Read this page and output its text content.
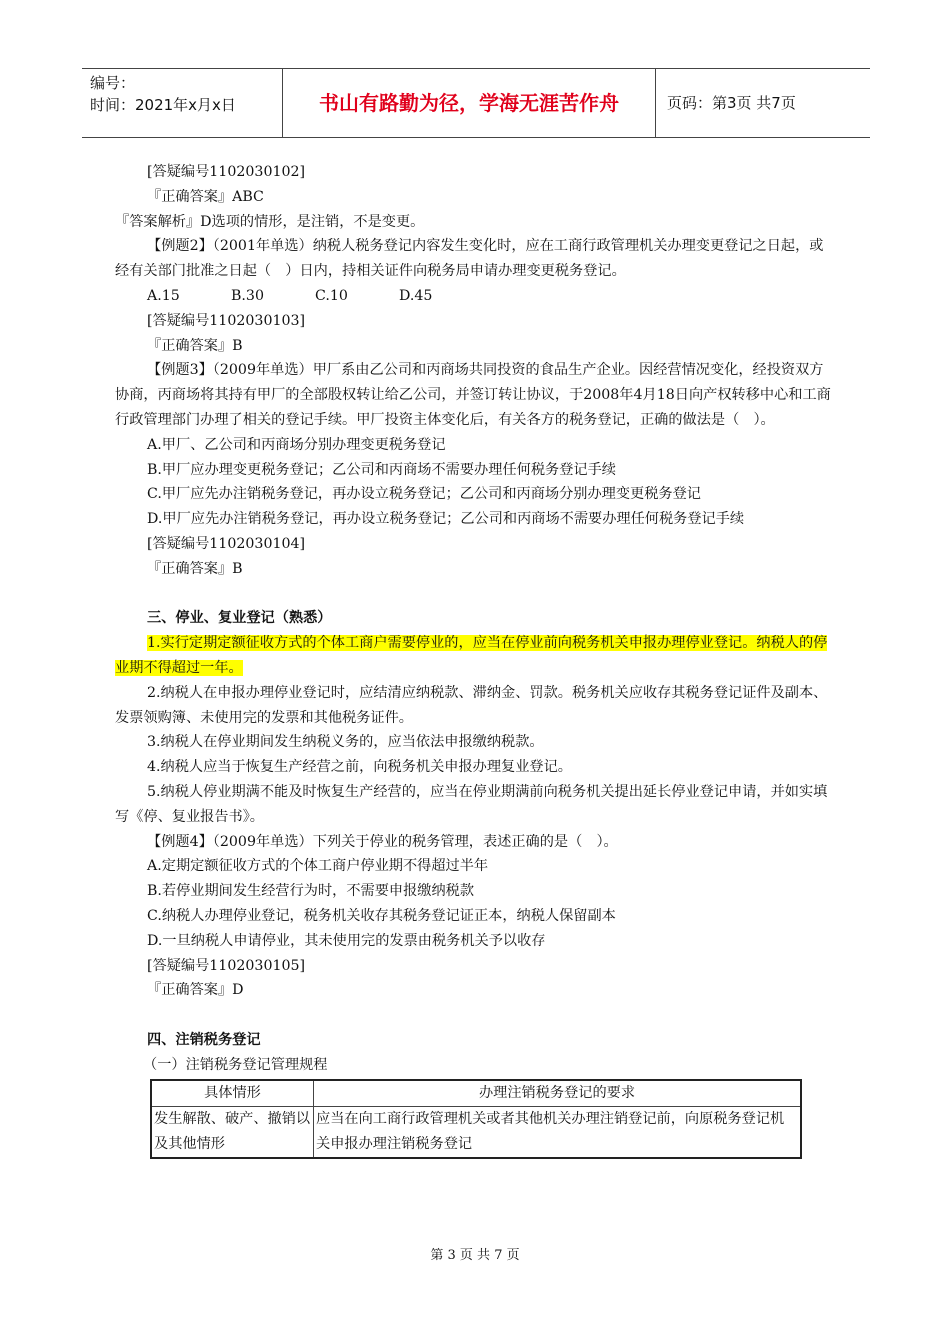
编号：
时间：2021年x月x日	书山有路勤为径，学海无涯苦作舟	页码：第3页 共7页

[答疑编号1102030102]

『正确答案』ABC

『答案解析』D选项的情形，是注销，不是变更。

【例题2】（2001年单选）纳税人税务登记内容发生变化时，应在工商行政管理机关办理变更登记之日起，或经有关部门批准之日起（　）日内，持相关证件向税务局申请办理变更税务登记。

A.15	B.30	C.10	D.45

[答疑编号1102030103]

『正确答案』B

【例题3】（2009年单选）甲厂系由乙公司和丙商场共同投资的食品生产企业。因经营情况变化，经投资双方协商，丙商场将其持有甲厂的全部股权转让给乙公司，并签订转让协议，于2008年4月18日向产权转移中心和工商行政管理部门办理了相关的登记手续。甲厂投资主体变化后，有关各方的税务登记，正确的做法是（　）。

A.甲厂、乙公司和丙商场分别办理变更税务登记

B.甲厂应办理变更税务登记；乙公司和丙商场不需要办理任何税务登记手续

C.甲厂应先办注销税务登记，再办设立税务登记；乙公司和丙商场分别办理变更税务登记

D.甲厂应先办注销税务登记，再办设立税务登记；乙公司和丙商场不需要办理任何税务登记手续

[答疑编号1102030104]

『正确答案』B

三、停业、复业登记（熟悉）

1.实行定期定额征收方式的个体工商户需要停业的，应当在停业前向税务机关申报办理停业登记。纳税人的停业期不得超过一年。

2.纳税人在申报办理停业登记时，应结清应纳税款、滞纳金、罚款。税务机关应收存其税务登记证件及副本、发票领购簿、未使用完的发票和其他税务证件。

3.纳税人在停业期间发生纳税义务的，应当依法申报缴纳税款。

4.纳税人应当于恢复生产经营之前，向税务机关申报办理复业登记。

5.纳税人停业期满不能及时恢复生产经营的，应当在停业期满前向税务机关提出延长停业登记申请，并如实填写《停、复业报告书》。

【例题4】（2009年单选）下列关于停业的税务管理，表述正确的是（　）。

A.定期定额征收方式的个体工商户停业期不得超过半年

B.若停业期间发生经营行为时，不需要申报缴纳税款

C.纳税人办理停业登记，税务机关收存其税务登记证正本，纳税人保留副本

D.一旦纳税人申请停业，其未使用完的发票由税务机关予以收存

[答疑编号1102030105]

『正确答案』D

四、注销税务登记

（一）注销税务登记管理规程

具体情形	办理注销税务登记的要求
发生解散、破产、撤销以及其他情形	应当在向工商行政管理机关或者其他机关办理注销登记前，向原税务登记机关申报办理注销税务登记
第 3 页 共 7 页
